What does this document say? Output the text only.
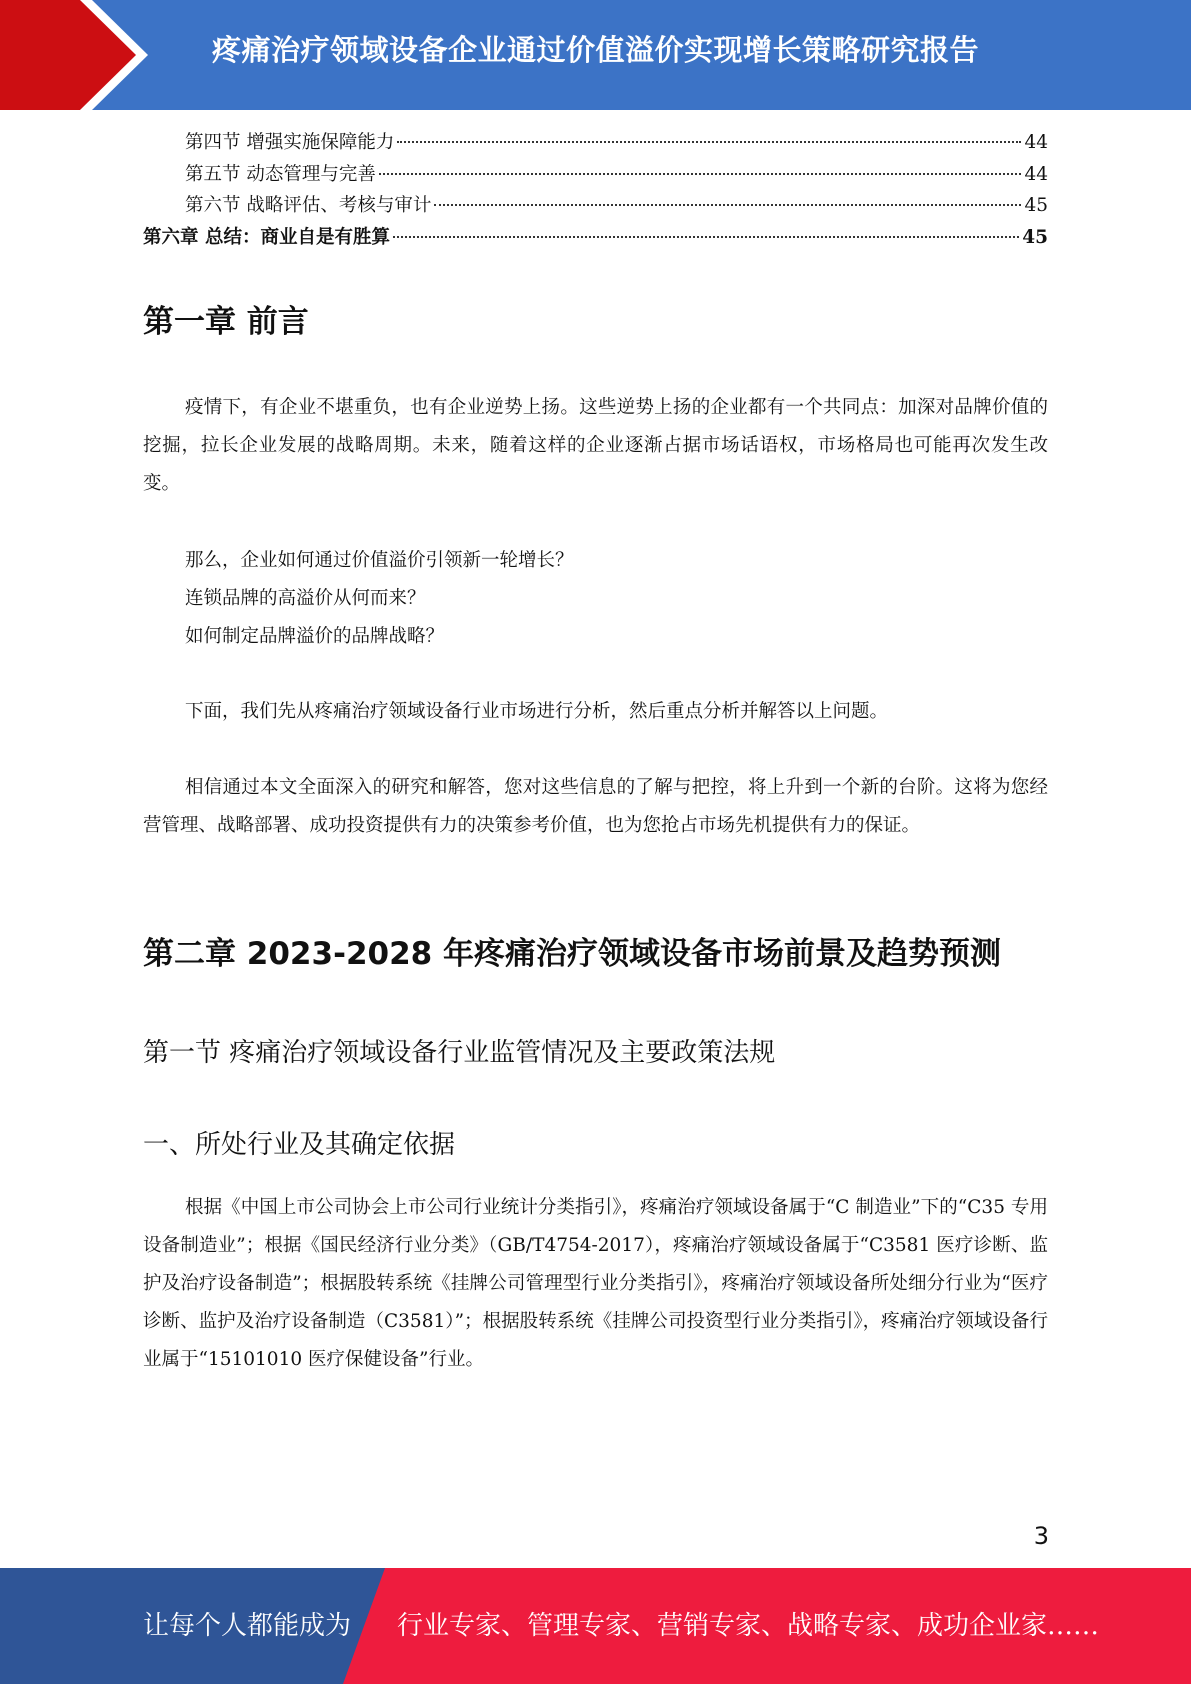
疼痛治疗领域设备企业通过价值溢价实现增长策略研究报告
第四节 增强实施保障能力	44
第五节 动态管理与完善	44
第六节 战略评估、考核与审计	45
第六章 总结：商业自是有胜算	45
第一章 前言

疫情下，有企业不堪重负，也有企业逆势上扬。这些逆势上扬的企业都有一个共同点：加深对品牌价值的挖掘，拉长企业发展的战略周期。未来，随着这样的企业逐渐占据市场话语权，市场格局也可能再次发生改变。

那么，企业如何通过价值溢价引领新一轮增长？
连锁品牌的高溢价从何而来？
如何制定品牌溢价的品牌战略？

下面，我们先从疼痛治疗领域设备行业市场进行分析，然后重点分析并解答以上问题。

相信通过本文全面深入的研究和解答，您对这些信息的了解与把控，将上升到一个新的台阶。这将为您经营管理、战略部署、成功投资提供有力的决策参考价值，也为您抢占市场先机提供有力的保证。

第二章 2023-2028 年疼痛治疗领域设备市场前景及趋势预测
第一节 疼痛治疗领域设备行业监管情况及主要政策法规
一、所处行业及其确定依据

根据《中国上市公司协会上市公司行业统计分类指引》，疼痛治疗领域设备属于“C 制造业”下的“C35 专用设备制造业”；根据《国民经济行业分类》（GB/T4754-2017），疼痛治疗领域设备属于“C3581 医疗诊断、监护及治疗设备制造”；根据股转系统《挂牌公司管理型行业分类指引》，疼痛治疗领域设备所处细分行业为“医疗诊断、监护及治疗设备制造（C3581）”；根据股转系统《挂牌公司投资型行业分类指引》，疼痛治疗领域设备行业属于“15101010 医疗保健设备”行业。

3
让每个人都能成为 行业专家、管理专家、营销专家、战略专家、成功企业家……
